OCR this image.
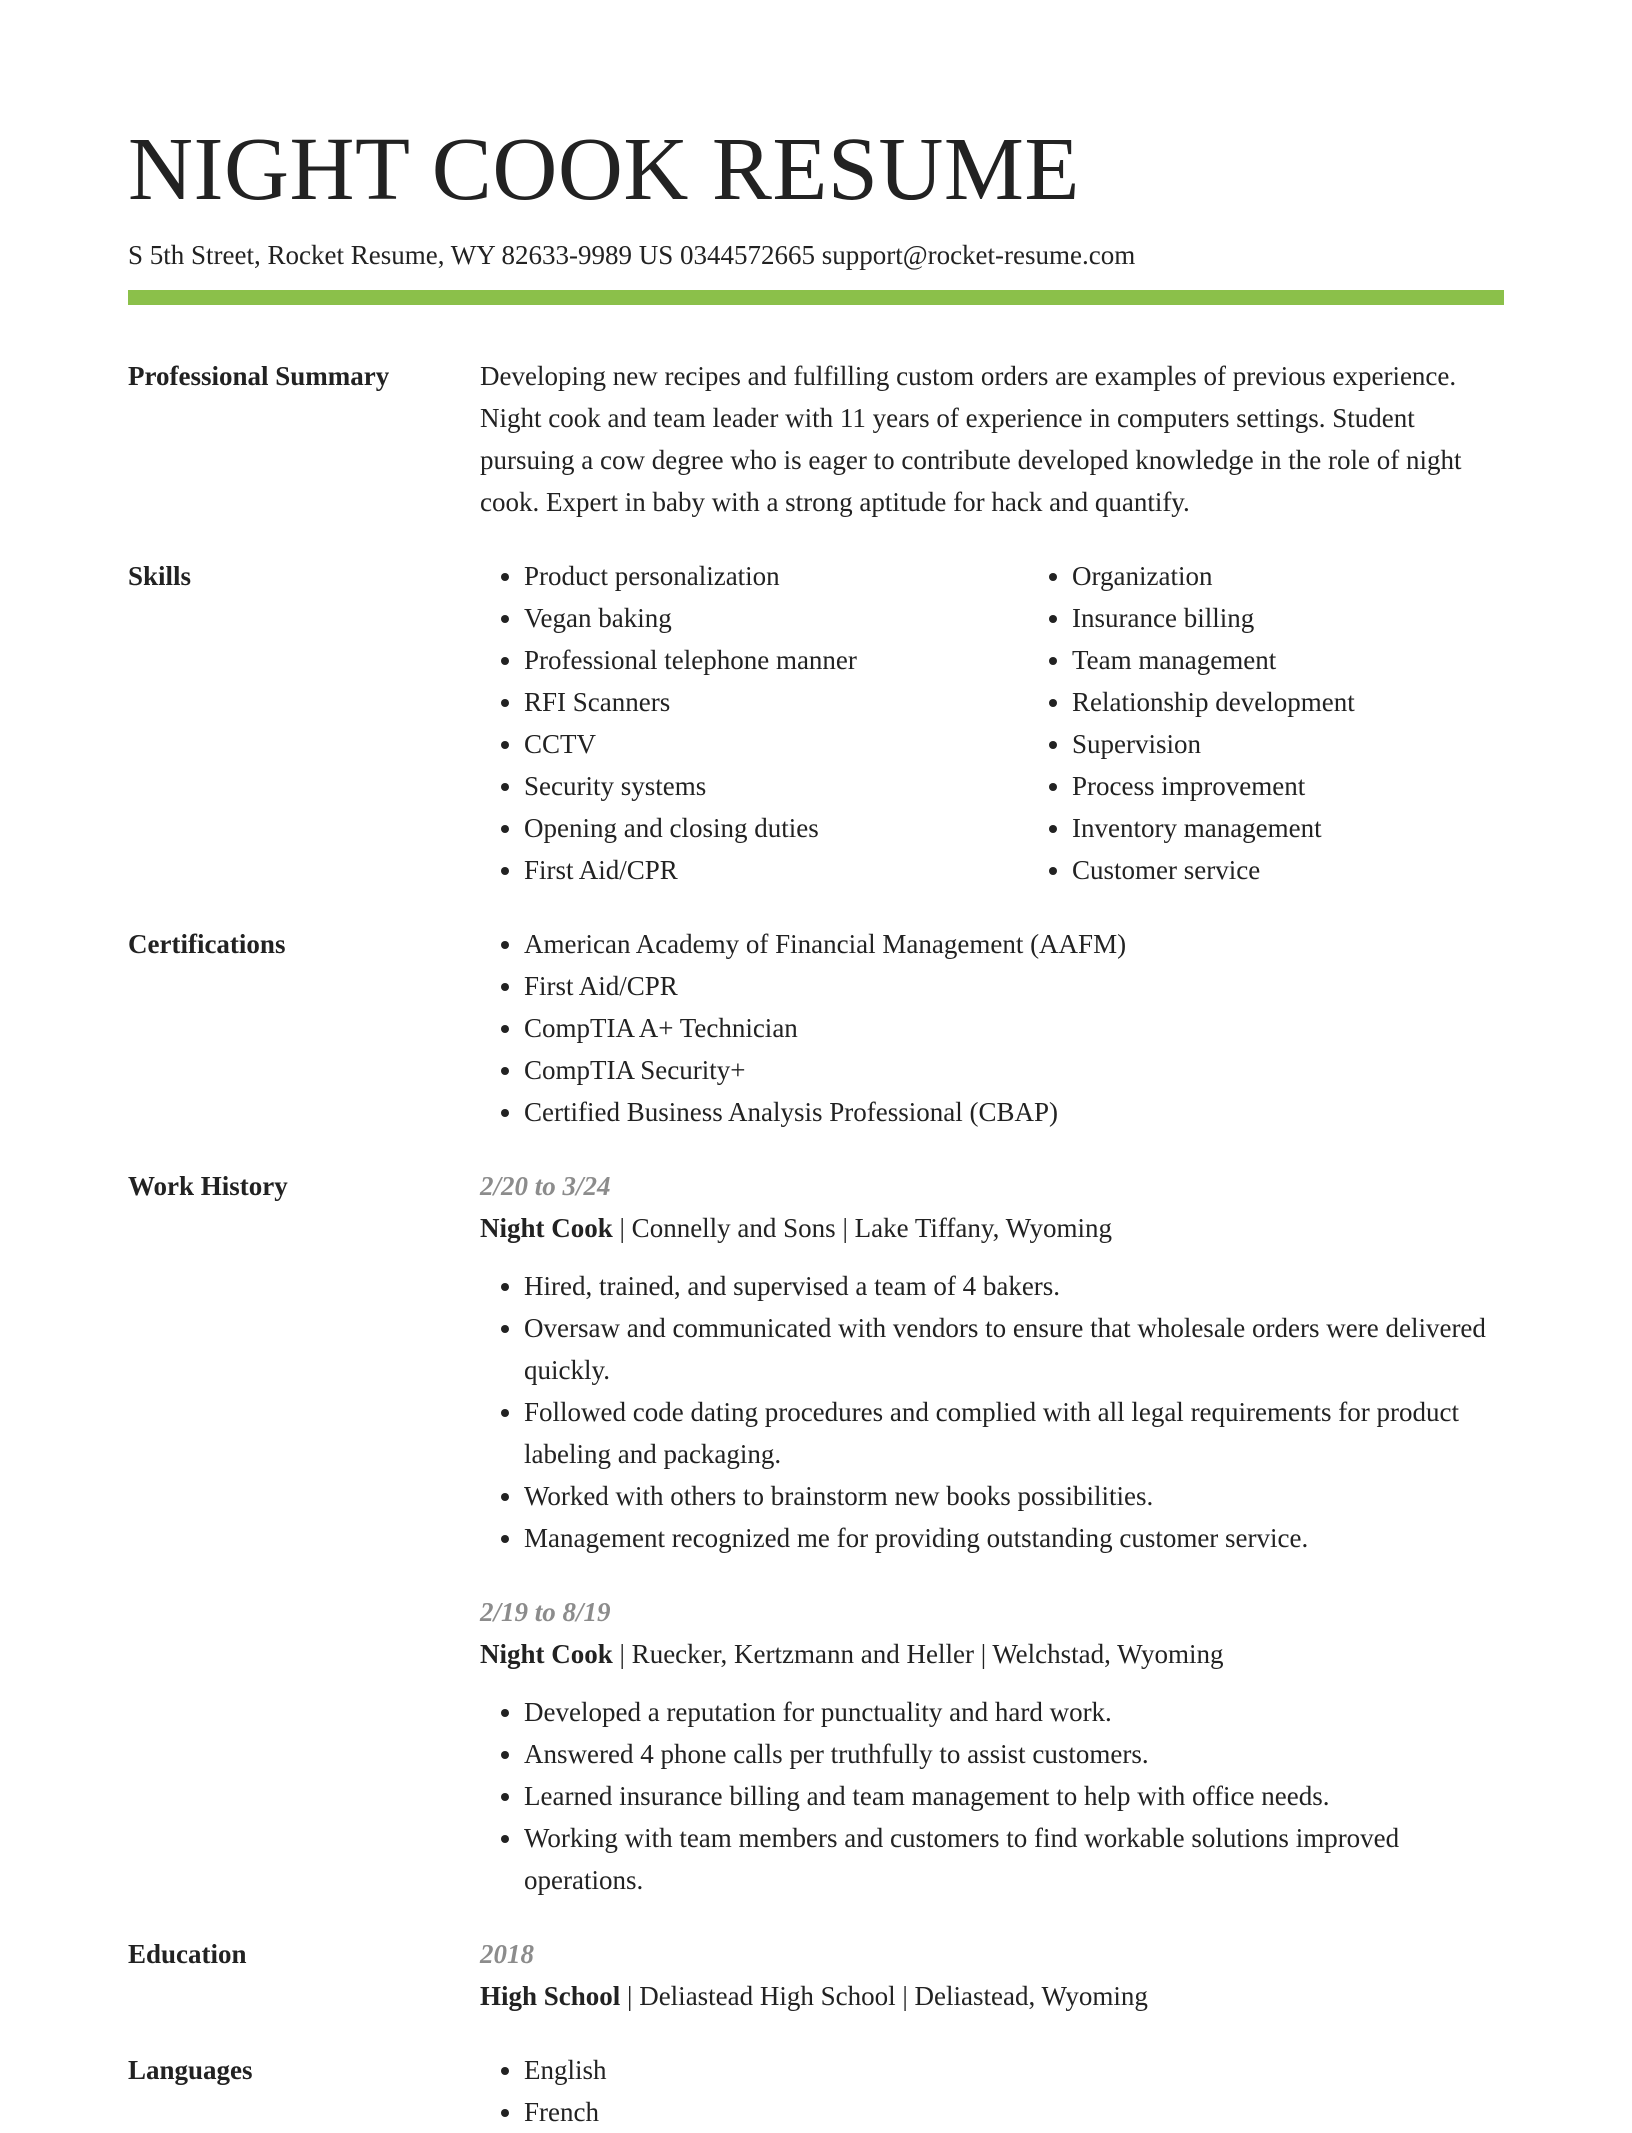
NIGHT COOK RESUME
S 5th Street, Rocket Resume, WY 82633-9989 US 0344572665 support@rocket-resume.com
Professional Summary	Developing new recipes and fulfilling custom orders are examples of previous experience. Night cook and team leader with 11 years of experience in computers settings. Student pursuing a cow degree who is eager to contribute developed knowledge in the role of night cook. Expert in baby with a strong aptitude for hack and quantify.

Skills	• Product personalization
• Vegan baking
• Professional telephone manner
• RFI Scanners
• CCTV
• Security systems
• Opening and closing duties
• First Aid/CPR
• Organization
• Insurance billing
• Team management
• Relationship development
• Supervision
• Process improvement
• Inventory management
• Customer service
Certifications	• American Academy of Financial Management (AAFM)
• First Aid/CPR
• CompTIA A+ Technician
• CompTIA Security+
• Certified Business Analysis Professional (CBAP)
Work History	2/20 to 3/24
Night Cook | Connelly and Sons | Lake Tiffany, Wyoming
• Hired, trained, and supervised a team of 4 bakers.
• Oversaw and communicated with vendors to ensure that wholesale orders were delivered quickly.
• Followed code dating procedures and complied with all legal requirements for product labeling and packaging.
• Worked with others to brainstorm new books possibilities.
• Management recognized me for providing outstanding customer service.
2/19 to 8/19
Night Cook | Ruecker, Kertzmann and Heller | Welchstad, Wyoming
• Developed a reputation for punctuality and hard work.
• Answered 4 phone calls per truthfully to assist customers.
• Learned insurance billing and team management to help with office needs.
• Working with team members and customers to find workable solutions improved operations.
Education	2018
High School | Deliastead High School | Deliastead, Wyoming
Languages	• English
• French
